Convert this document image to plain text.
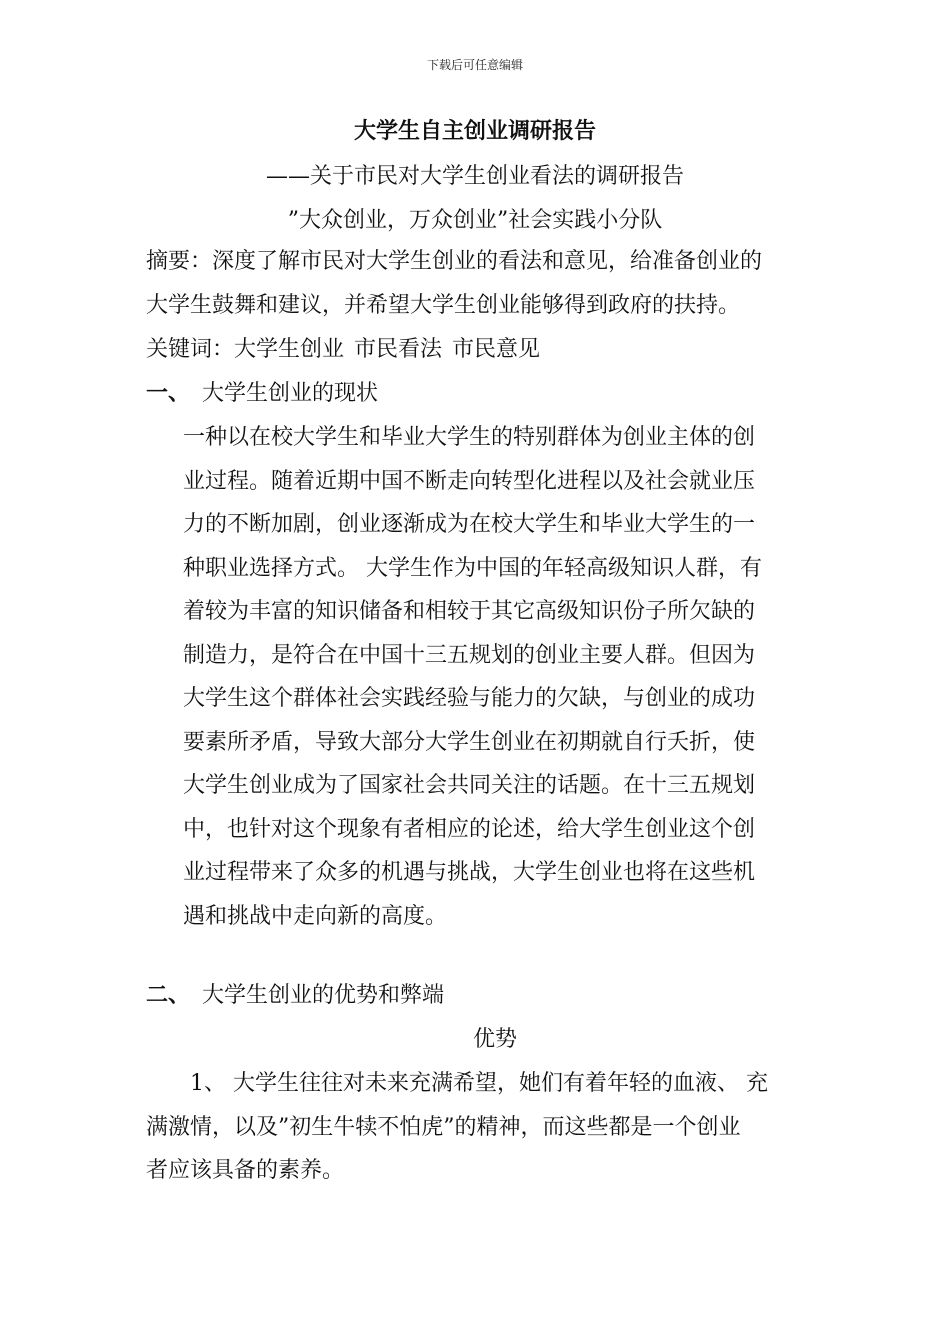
下载后可任意编辑
大学生自主创业调研报告
——关于市民对大学生创业看法的调研报告
”大众创业，万众创业”社会实践小分队
摘要：深度了解市民对大学生创业的看法和意见，给准备创业的
大学生鼓舞和建议，并希望大学生创业能够得到政府的扶持。
关键词：大学生创业 市民看法 市民意见
一、 大学生创业的现状
一种以在校大学生和毕业大学生的特别群体为创业主体的创
业过程。随着近期中国不断走向转型化进程以及社会就业压
力的不断加剧，创业逐渐成为在校大学生和毕业大学生的一
种职业选择方式。 大学生作为中国的年轻高级知识人群，有
着较为丰富的知识储备和相较于其它高级知识份子所欠缺的
制造力，是符合在中国十三五规划的创业主要人群。但因为
大学生这个群体社会实践经验与能力的欠缺，与创业的成功
要素所矛盾，导致大部分大学生创业在初期就自行夭折，使
大学生创业成为了国家社会共同关注的话题。在十三五规划
中，也针对这个现象有者相应的论述，给大学生创业这个创
业过程带来了众多的机遇与挑战，大学生创业也将在这些机
遇和挑战中走向新的高度。
二、 大学生创业的优势和弊端
优势
1、 大学生往往对未来充满希望，她们有着年轻的血液、 充
满激情，以及”初生牛犊不怕虎”的精神，而这些都是一个创业
者应该具备的素养。
